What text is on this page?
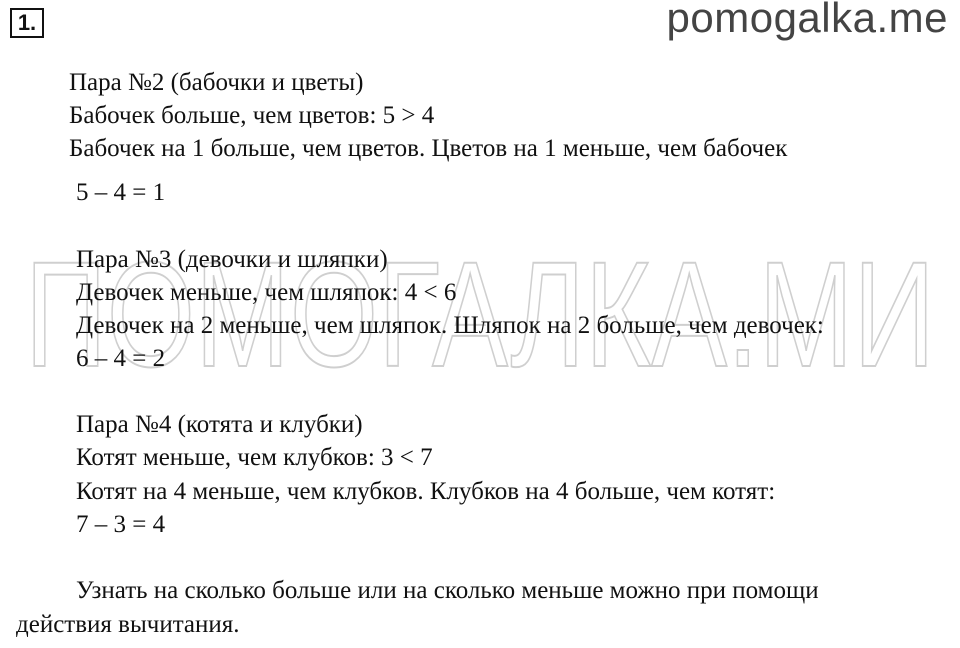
1.	pomogalka.me
ПОМОГАЛКА.МИ
Пара №2 (бабочки и цветы)
Бабочек больше, чем цветов: 5 > 4
Бабочек на 1 больше, чем цветов. Цветов на 1 меньше, чем бабочек
5 – 4 = 1
Пара №3 (девочки и шляпки)
Девочек меньше, чем шляпок: 4 < 6
Девочек на 2 меньше, чем шляпок. Шляпок на 2 больше, чем девочек:
6 – 4 = 2
Пара №4 (котята и клубки)
Котят меньше, чем клубков: 3 < 7
Котят на 4 меньше, чем клубков. Клубков на 4 больше, чем котят:
7 – 3 = 4
Узнать на сколько больше или на сколько меньше можно при помощи
действия вычитания.
